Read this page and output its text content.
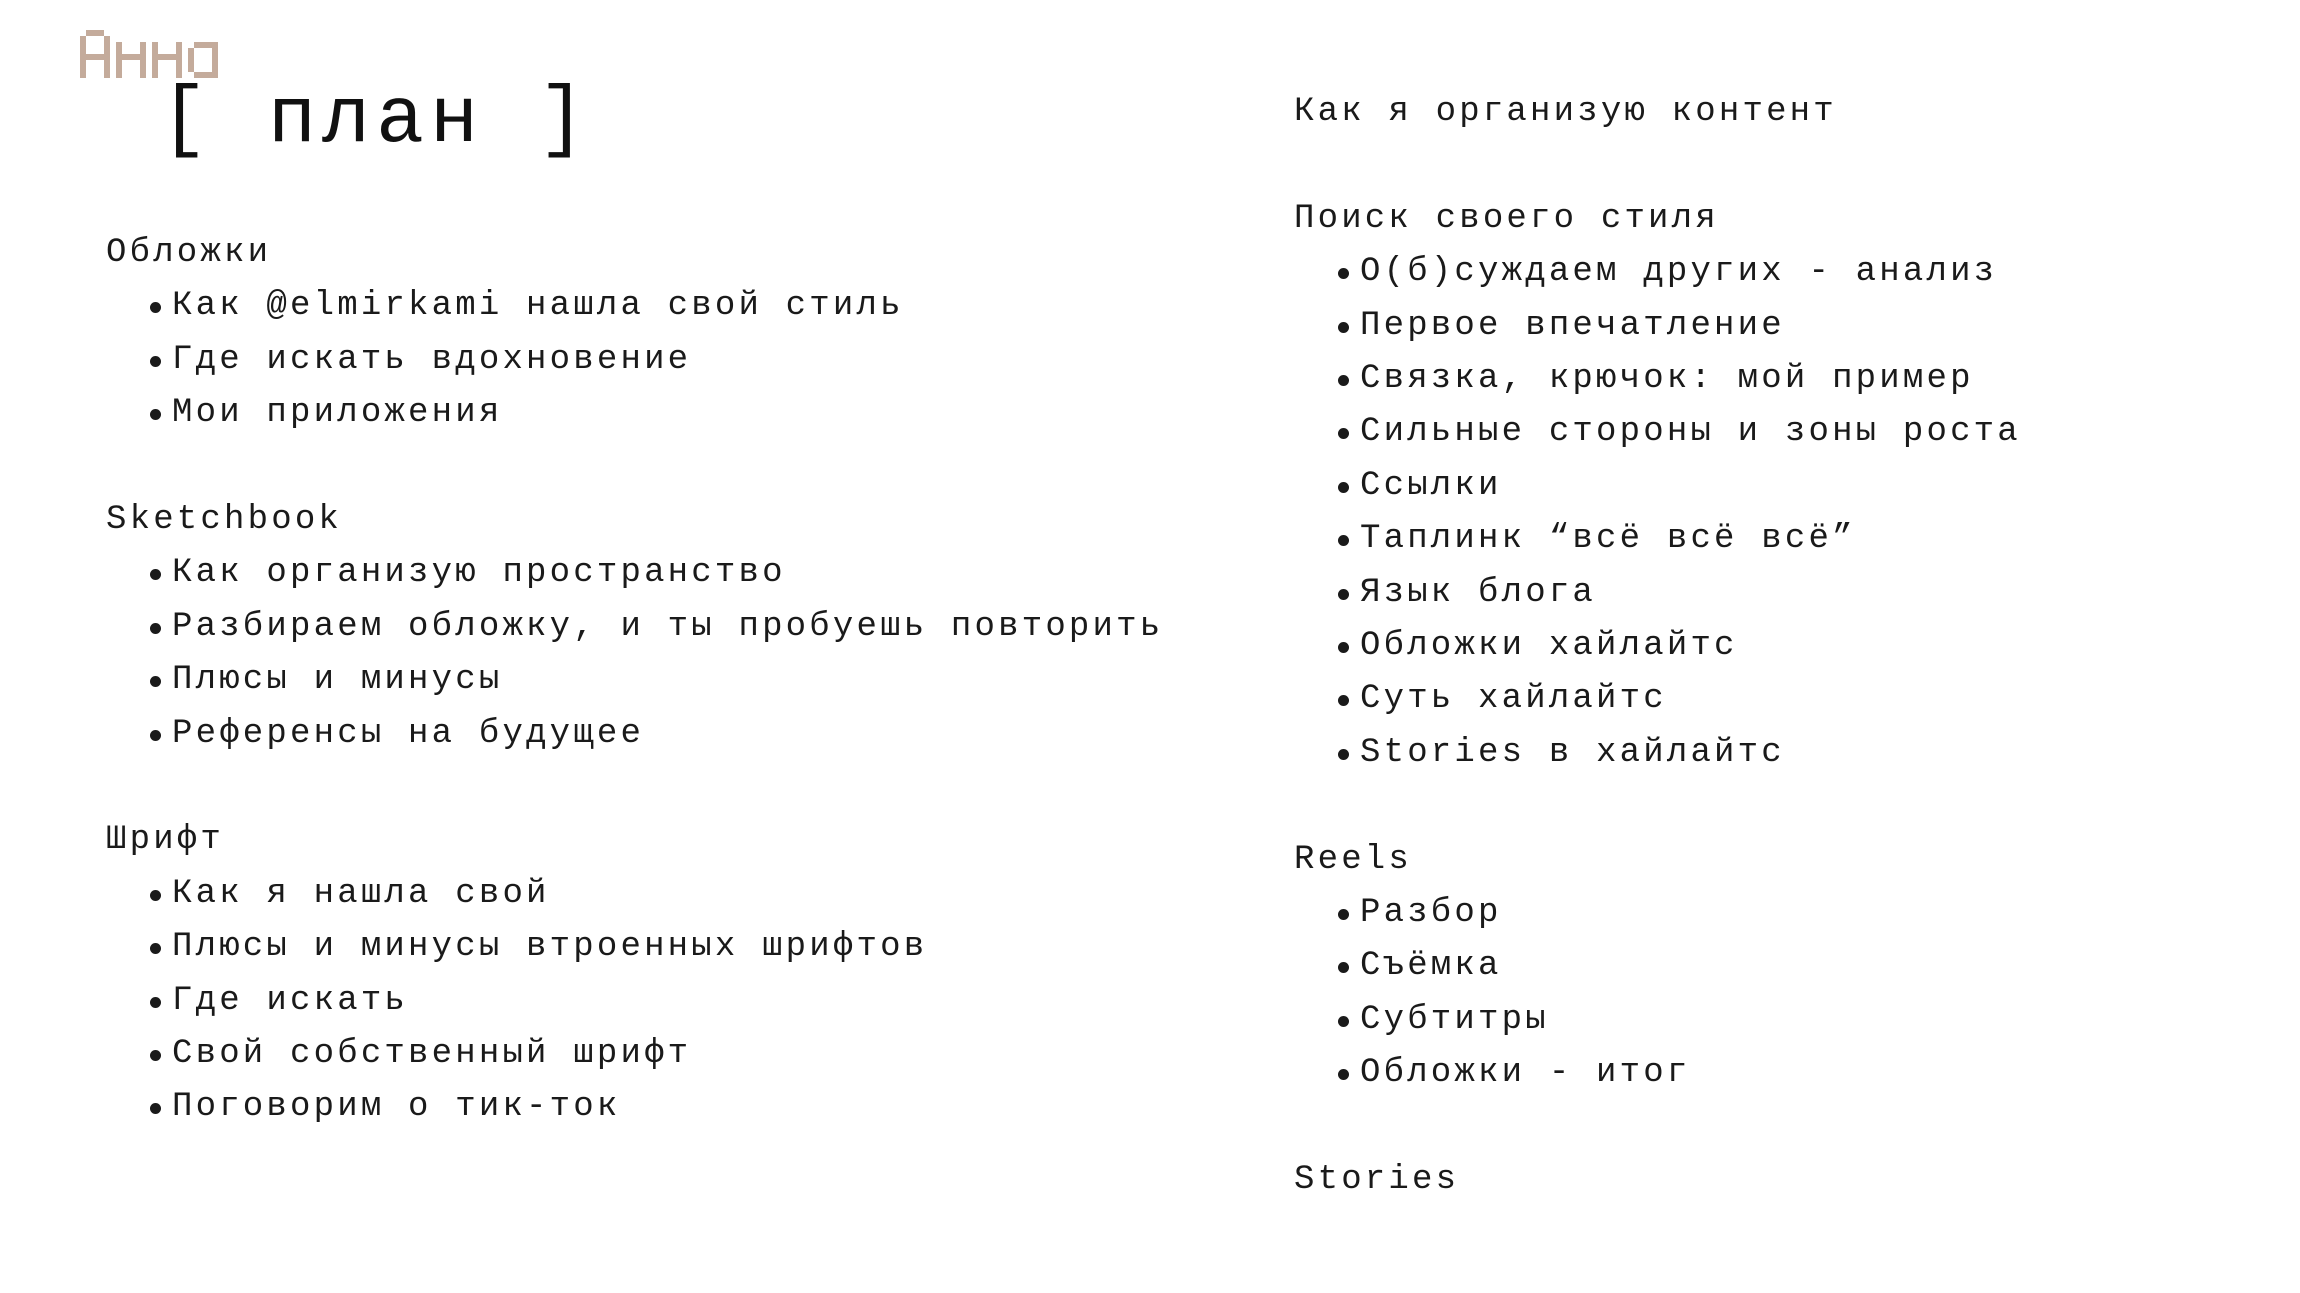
[ план ]
Обложки
Как @elmirkami нашла свой стиль
Где искать вдохновение
Мои приложения
Sketchbook
Как организую пространство
Разбираем обложку, и ты пробуешь повторить
Плюсы и минусы
Референсы на будущее
Шрифт
Как я нашла свой
Плюсы и минусы втроенных шрифтов
Где искать
Свой собственный шрифт
Поговорим о тик-ток
Как я организую контент
Поиск своего стиля
О(б)суждаем других - анализ
Первое впечатление
Связка, крючок: мой пример
Сильные стороны и зоны роста
Ссылки
Таплинк “всё всё всё”
Язык блога
Обложки хайлайтс
Суть хайлайтс
Stories в хайлайтс
Reels
Разбор
Съёмка
Субтитры
Обложки - итог
Stories
